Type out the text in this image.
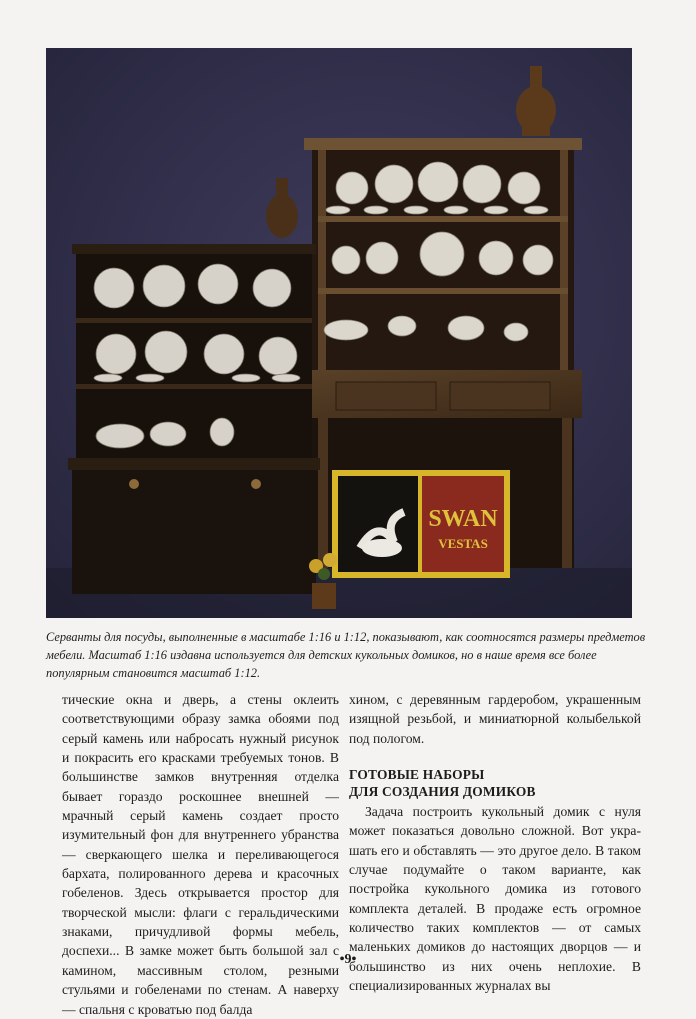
SWAN
VESTAS

Серванты для посуды, выполненные в масштабе 1:16 и 1:12, показывают, как соотносятся размеры предметов мебели. Масштаб 1:16 издавна используется для детских кукольных домиков, но в наше время все более популярным становится масштаб 1:12.

тические окна и дверь, а стены оклеить соответствующими образу замка обоями под серый камень или набросать нужный рисунок и покрасить его красками требуемых тонов. В большинстве замков внутренняя отделка бывает гораздо роскошнее внешней — мрачный серый камень создает просто изумительный фон для внутреннего убранства — сверкающего шелка и переливающегося бархата, полированного дерева и красочных гобеленов. Здесь открывается простор для творческой мысли: флаги с геральдическими знаками, причудливой формы мебель, доспехи... В замке может быть большой зал с камином, массивным столом, резными стульями и гобеленами по стенам. А наверху — спальня с кроватью под балда

хином, с деревянным гардеробом, украшенным изящной резьбой, и миниатюрной колыбелькой под пологом.

ГОТОВЫЕ НАБОРЫ
ДЛЯ СОЗДАНИЯ ДОМИКОВ

Задача построить кукольный домик с нуля может показаться довольно сложной. Вот украшать его и обставлять — это другое дело. В таком случае подумайте о таком варианте, как постройка кукольного домика из готового комплекта деталей. В продаже есть огромное количество таких комплектов — от самых маленьких домиков до настоящих дворцов — и большинство из них очень неплохие. В специализированных журналах вы

•9•
